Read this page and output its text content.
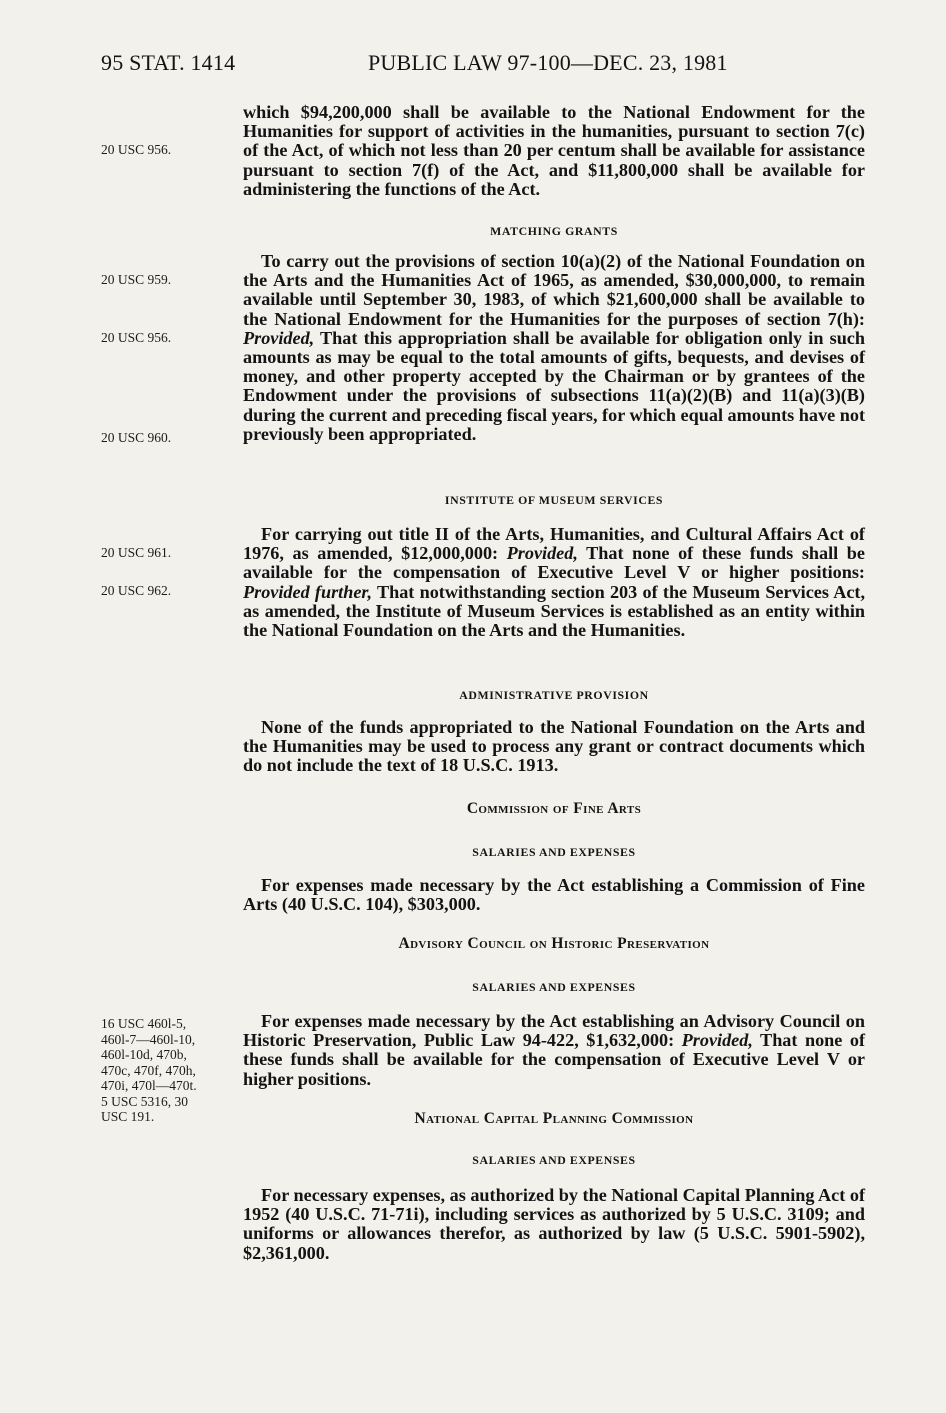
95 STAT. 1414	PUBLIC LAW 97-100—DEC. 23, 1981
20 USC 956.
20 USC 959.
20 USC 956.
20 USC 960.
20 USC 961.
20 USC 962.
16 USC 460l-5,
460l-7—460l-10,
460l-10d, 470b,
470c, 470f, 470h,
470i, 470l—470t.
5 USC 5316, 30
USC 191.
which $94,200,000 shall be available to the National Endowment for the Humanities for support of activities in the humanities, pursuant to section 7(c) of the Act, of which not less than 20 per centum shall be available for assistance pursuant to section 7(f) of the Act, and $11,800,000 shall be available for administering the functions of the Act.
MATCHING GRANTS
To carry out the provisions of section 10(a)(2) of the National Foundation on the Arts and the Humanities Act of 1965, as amended, $30,000,000, to remain available until September 30, 1983, of which $21,600,000 shall be available to the National Endowment for the Humanities for the purposes of section 7(h): Provided, That this appropriation shall be available for obligation only in such amounts as may be equal to the total amounts of gifts, bequests, and devises of money, and other property accepted by the Chairman or by grantees of the Endowment under the provisions of subsections 11(a)(2)(B) and 11(a)(3)(B) during the current and preceding fiscal years, for which equal amounts have not previously been appropriated.
INSTITUTE OF MUSEUM SERVICES
For carrying out title II of the Arts, Humanities, and Cultural Affairs Act of 1976, as amended, $12,000,000: Provided, That none of these funds shall be available for the compensation of Executive Level V or higher positions: Provided further, That notwithstanding section 203 of the Museum Services Act, as amended, the Institute of Museum Services is established as an entity within the National Foundation on the Arts and the Humanities.
ADMINISTRATIVE PROVISION
None of the funds appropriated to the National Foundation on the Arts and the Humanities may be used to process any grant or contract documents which do not include the text of 18 U.S.C. 1913.
Commission of Fine Arts
SALARIES AND EXPENSES
For expenses made necessary by the Act establishing a Commission of Fine Arts (40 U.S.C. 104), $303,000.
Advisory Council on Historic Preservation
SALARIES AND EXPENSES
For expenses made necessary by the Act establishing an Advisory Council on Historic Preservation, Public Law 94-422, $1,632,000: Provided, That none of these funds shall be available for the compensation of Executive Level V or higher positions.
National Capital Planning Commission
SALARIES AND EXPENSES
For necessary expenses, as authorized by the National Capital Planning Act of 1952 (40 U.S.C. 71-71i), including services as authorized by 5 U.S.C. 3109; and uniforms or allowances therefor, as authorized by law (5 U.S.C. 5901-5902), $2,361,000.
